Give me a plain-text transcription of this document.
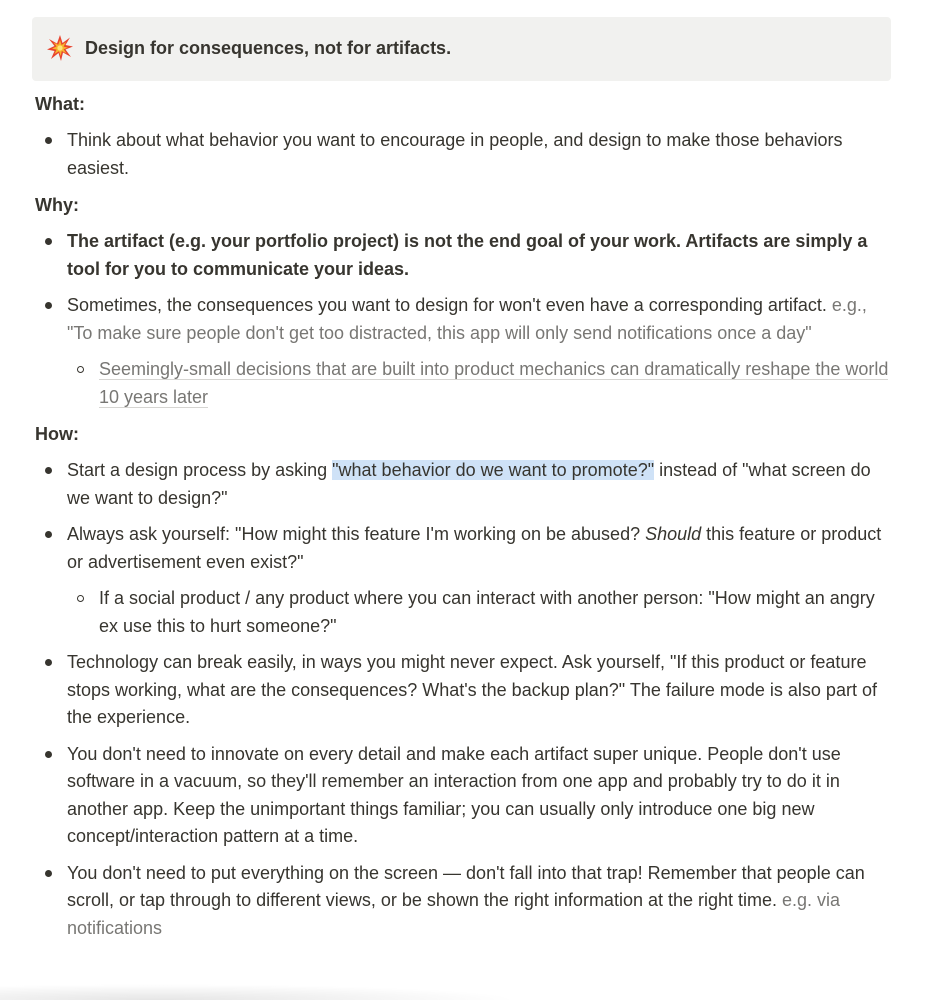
Design for consequences, not for artifacts.

What:

Think about what behavior you want to encourage in people, and design to make those behaviors easiest.

Why:

The artifact (e.g. your portfolio project) is not the end goal of your work. Artifacts are simply a tool for you to communicate your ideas.
Sometimes, the consequences you want to design for won't even have a corresponding artifact. e.g., "To make sure people don't get too distracted, this app will only send notifications once a day"
Seemingly-small decisions that are built into product mechanics can dramatically reshape the world 10 years later

How:

Start a design process by asking "what behavior do we want to promote?" instead of "what screen do we want to design?"
Always ask yourself: "How might this feature I'm working on be abused? Should this feature or product or advertisement even exist?"
If a social product / any product where you can interact with another person: "How might an angry ex use this to hurt someone?"
Technology can break easily, in ways you might never expect. Ask yourself, "If this product or feature stops working, what are the consequences? What's the backup plan?" The failure mode is also part of the experience.
You don't need to innovate on every detail and make each artifact super unique. People don't use software in a vacuum, so they'll remember an interaction from one app and probably try to do it in another app. Keep the unimportant things familiar; you can usually only introduce one big new concept/interaction pattern at a time.
You don't need to put everything on the screen — don't fall into that trap! Remember that people can scroll, or tap through to different views, or be shown the right information at the right time. e.g. via notifications
